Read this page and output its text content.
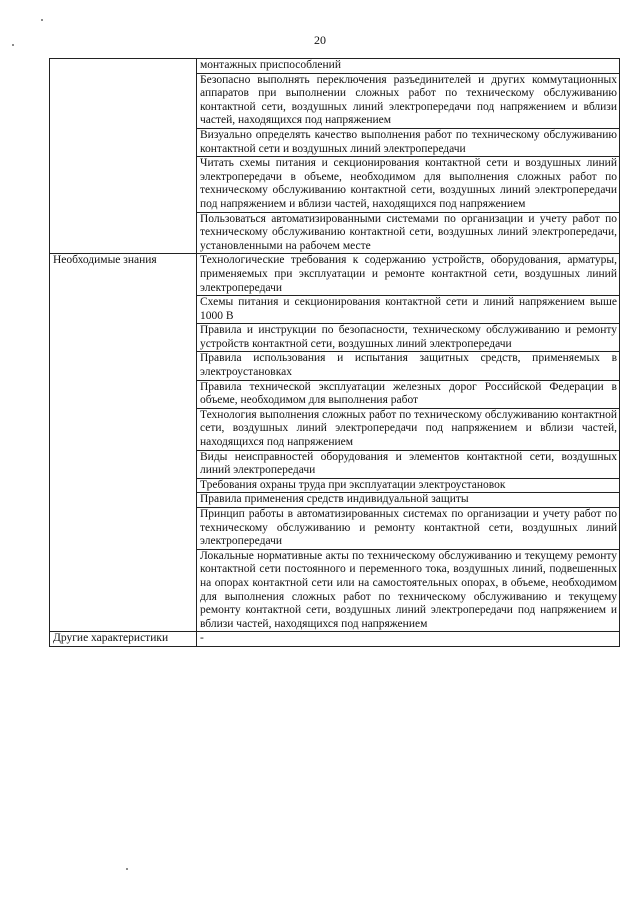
20
	монтажных приспособлений
	Безопасно выполнять переключения разъединителей и других коммутационных аппаратов при выполнении сложных работ по техническому обслуживанию контактной сети, воздушных линий электропередачи под напряжением и вблизи частей, находящихся под напряжением
	Визуально определять качество выполнения работ по техническому обслуживанию контактной сети и воздушных линий электропередачи
	Читать схемы питания и секционирования контактной сети и воздушных линий электропередачи в объеме, необходимом для выполнения сложных работ по техническому обслуживанию контактной сети, воздушных линий электропередачи под напряжением и вблизи частей, находящихся под напряжением
	Пользоваться автоматизированными системами по организации и учету работ по техническому обслуживанию контактной сети, воздушных линий электропередачи, установленными на рабочем месте
Необходимые знания	Технологические требования к содержанию устройств, оборудования, арматуры, применяемых при эксплуатации и ремонте контактной сети, воздушных линий электропередачи
	Схемы питания и секционирования контактной сети и линий напряжением выше 1000 В
	Правила и инструкции по безопасности, техническому обслуживанию и ремонту устройств контактной сети, воздушных линий электропередачи
	Правила использования и испытания защитных средств, применяемых в электроустановках
	Правила технической эксплуатации железных дорог Российской Федерации в объеме, необходимом для выполнения работ
	Технология выполнения сложных работ по техническому обслуживанию контактной сети, воздушных линий электропередачи под напряжением и вблизи частей, находящихся под напряжением
	Виды неисправностей оборудования и элементов контактной сети, воздушных линий электропередачи
	Требования охраны труда при эксплуатации электроустановок
	Правила применения средств индивидуальной защиты
	Принцип работы в автоматизированных системах по организации и учету работ по техническому обслуживанию и ремонту контактной сети, воздушных линий электропередачи
	Локальные нормативные акты по техническому обслуживанию и текущему ремонту контактной сети постоянного и переменного тока, воздушных линий, подвешенных на опорах контактной сети или на самостоятельных опорах, в объеме, необходимом для выполнения сложных работ по техническому обслуживанию и текущему ремонту контактной сети, воздушных линий электропередачи под напряжением и вблизи частей, находящихся под напряжением
Другие характеристики	-
